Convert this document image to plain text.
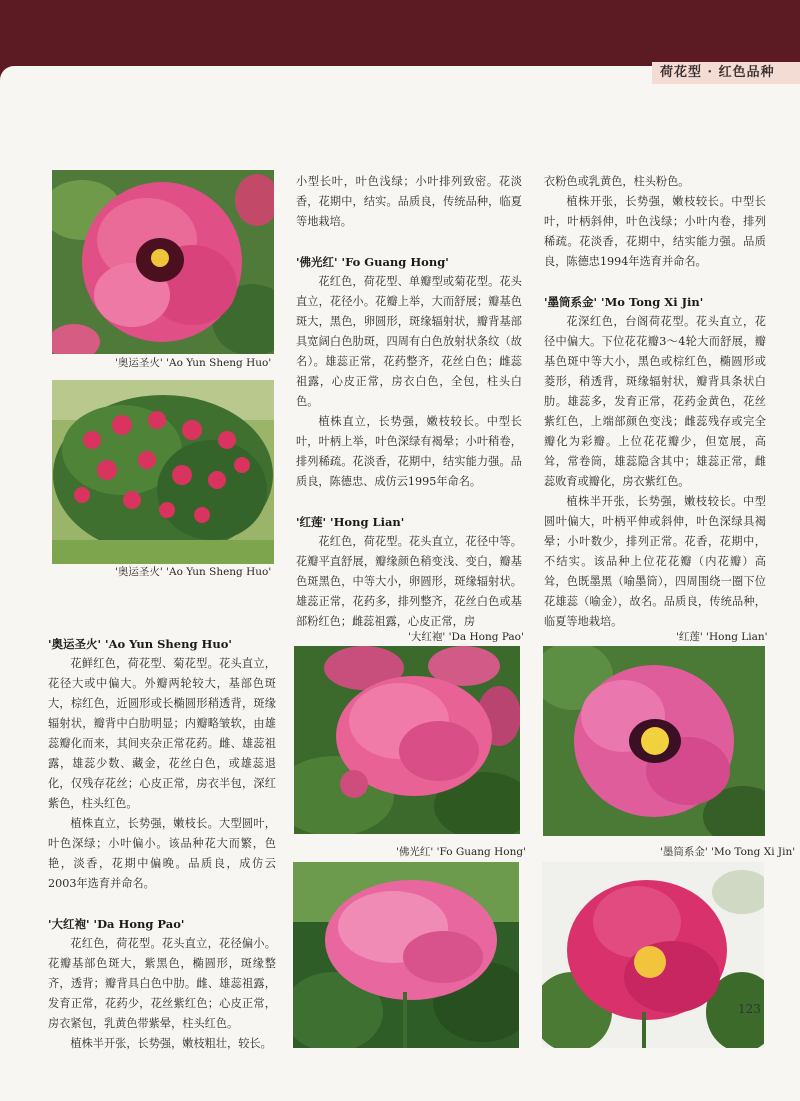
荷花型 · 红色品种
'奥运圣火' 'Ao Yun Sheng Huo'
'奥运圣火' 'Ao Yun Sheng Huo'
'大红袍' 'Da Hong Pao'	'红莲' 'Hong Lian'
'佛光红' 'Fo Guang Hong'	'墨筒系金' 'Mo Tong Xi Jin'
'奥运圣火' 'Ao Yun Sheng Huo'

花鲜红色，荷花型、菊花型。花头直立，花径大或中偏大。外瓣两轮较大，基部色斑大，棕红色，近圆形或长椭圆形稍透背，斑缘辐射状，瓣背中白肋明显；内瓣略皱软，由雄蕊瓣化而来，其间夹杂正常花药。雌、雄蕊祖露，雄蕊少数、藏金，花丝白色，或雄蕊退化，仅残存花丝；心皮正常，房衣半包，深红紫色，柱头红色。

植株直立，长势强，嫩枝长。大型圆叶，叶色深绿；小叶偏小。该品种花大而繁，色艳，淡香，花期中偏晚。品质良，成仿云2003年选育并命名。

'大红袍' 'Da Hong Pao'

花红色，荷花型。花头直立，花径偏小。花瓣基部色斑大，紫黑色，椭圆形，斑缘整齐，透背；瓣背具白色中肋。雌、雄蕊祖露，发育正常，花药少，花丝紫红色；心皮正常，房衣紧包，乳黄色带紫晕，柱头红色。

植株半开张，长势强，嫩枝粗壮，较长。

小型长叶，叶色浅绿；小叶排列致密。花淡香，花期中，结实。品质良，传统品种，临夏等地栽培。

'佛光红' 'Fo Guang Hong'

花红色，荷花型、单瓣型或菊花型。花头直立，花径小。花瓣上举，大而舒展；瓣基色斑大，黑色，卵圆形，斑缘辐射状，瓣背基部具宽阔白色肋斑，四周有白色放射状条纹（故名）。雄蕊正常，花药整齐，花丝白色；雌蕊祖露，心皮正常，房衣白色，全包，柱头白色。

植株直立，长势强，嫩枝较长。中型长叶，叶柄上举，叶色深绿有褐晕；小叶稍卷，排列稀疏。花淡香，花期中，结实能力强。品质良，陈德忠、成仿云1995年命名。

'红莲' 'Hong Lian'

花红色，荷花型。花头直立，花径中等。花瓣平直舒展，瓣缘颜色稍变浅、变白，瓣基色斑黑色，中等大小，卵圆形，斑缘辐射状。雄蕊正常，花药多，排列整齐，花丝白色或基部粉红色；雌蕊祖露，心皮正常，房

衣粉色或乳黄色，柱头粉色。

植株开张，长势强，嫩枝较长。中型长叶，叶柄斜伸，叶色浅绿；小叶内卷，排列稀疏。花淡香，花期中，结实能力强。品质良，陈德忠1994年选育并命名。

'墨筒系金' 'Mo Tong Xi Jin'

花深红色，台阁荷花型。花头直立，花径中偏大。下位花花瓣3～4轮大而舒展，瓣基色斑中等大小，黑色或棕红色，椭圆形或菱形，稍透背，斑缘辐射状，瓣背具条状白肋。雄蕊多，发育正常，花药金黄色，花丝紫红色，上端部颜色变浅；雌蕊残存或完全瓣化为彩瓣。上位花花瓣少，但宽展，高耸，常卷筒，雄蕊隐含其中；雄蕊正常，雌蕊败育或瓣化，房衣紫红色。

植株半开张，长势强，嫩枝较长。中型圆叶偏大，叶柄平伸或斜伸，叶色深绿具褐晕；小叶数少，排列正常。花香，花期中，不结实。该品种上位花花瓣（内花瓣）高耸，色既墨黑（喻墨筒），四周围绕一圈下位花雄蕊（喻金），故名。品质良，传统品种，临夏等地栽培。

123
